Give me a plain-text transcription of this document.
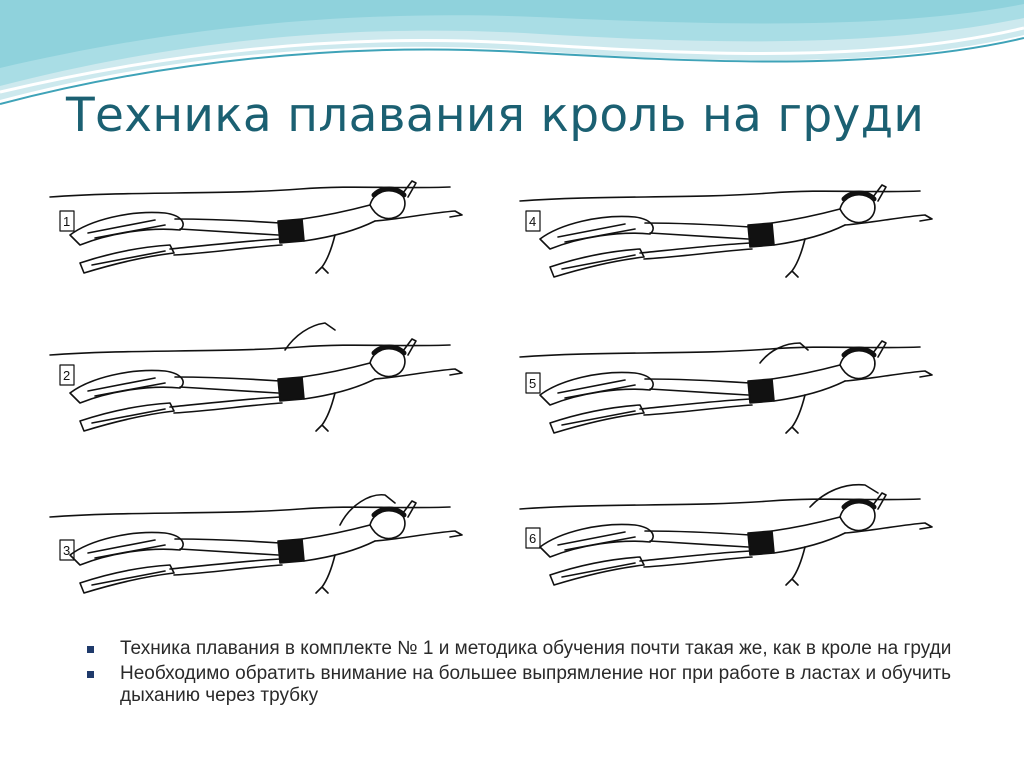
Техника плавания кроль на груди
1
2
3
4
5
6
Техника плавания в комплекте № 1 и методика обучения почти такая же, как в кроле на груди
Необходимо обратить внимание на большее выпрямление ног при работе в ластах и обучить дыханию через трубку
